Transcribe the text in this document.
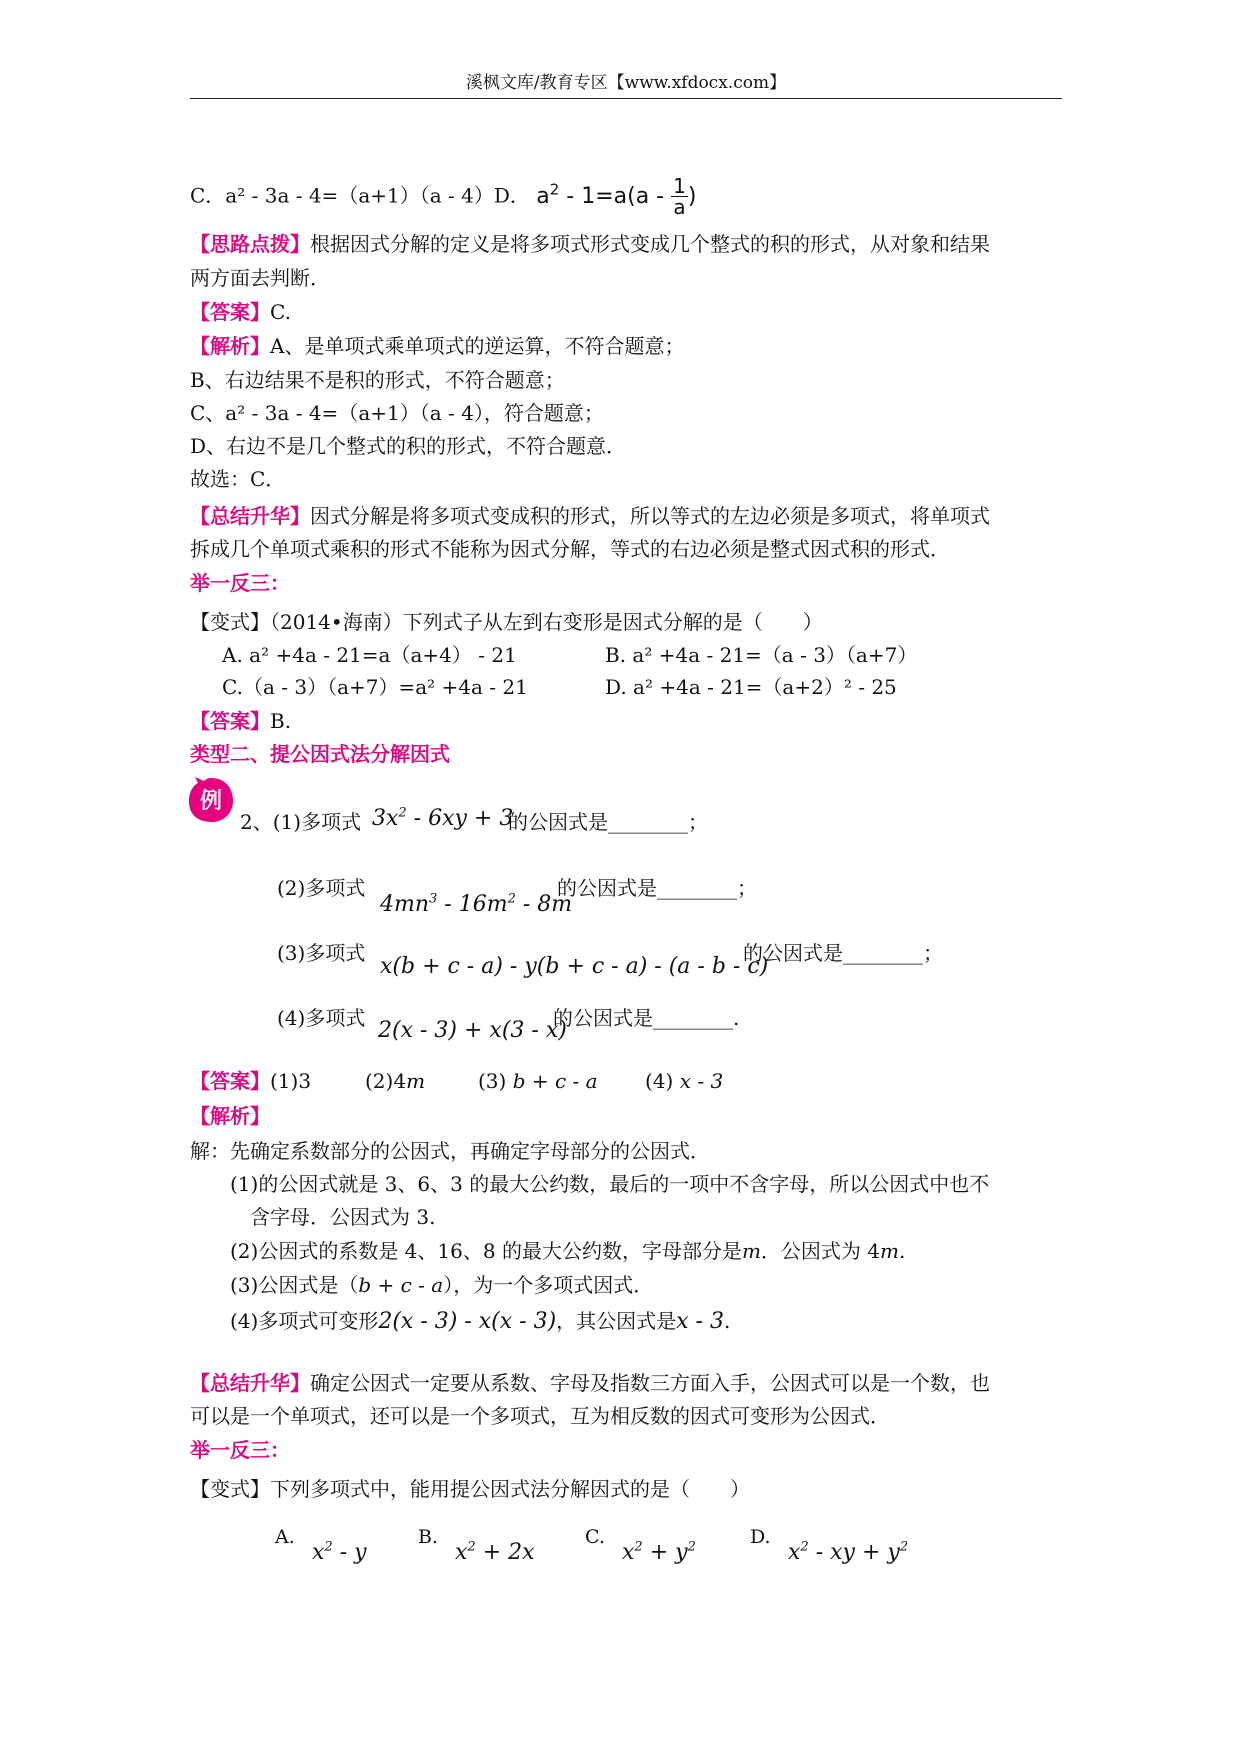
溪枫文库/教育专区【www.xfdocx.com】
C．a² - 3a - 4=（a+1）（a - 4）D． $a^2 - 1=a(a - \frac{1}{a}$ )
【思路点拨】根据因式分解的定义是将多项式形式变成几个整式的积的形式，从对象和结果
两方面去判断．
【答案】C.
【解析】A、是单项式乘单项式的逆运算，不符合题意；
B、右边结果不是积的形式，不符合题意；
C、a² - 3a - 4=（a+1）（a - 4），符合题意；
D、右边不是几个整式的积的形式，不符合题意．
故选：C．
【总结升华】因式分解是将多项式变成积的形式，所以等式的左边必须是多项式，将单项式
拆成几个单项式乘积的形式不能称为因式分解，等式的右边必须是整式因式积的形式．
举一反三：
【变式】（2014•海南）下列式子从左到右变形是因式分解的是（　　）
A. a² +4a - 21=a（a+4） - 21	B. a² +4a - 21=（a - 3）（a+7）
C.（a - 3）（a+7）=a² +4a - 21	D. a² +4a - 21=（a+2）² - 25
【答案】B.
类型二、提公因式法分解因式
例
2、(1)多项式 $3x^2 - 6xy + 3$
的公因式是________；
(2)多项式
$4mn^3 - 16m^2 - 8m$
的公因式是________；
(3)多项式
x(b + c - a) - y(b + c - a) - (a - b - c)
的公因式是________；
(4)多项式 2(x - 3) + x(3 - x)
的公因式是________.
【答案】(1)3	(2)4m	(3) b + c - a (4) x - 3
【解析】
解：先确定系数部分的公因式，再确定字母部分的公因式．
(1)的公因式就是 3、6、3 的最大公约数，最后的一项中不含字母，所以公因式中也不
含字母．公因式为 3.
(2)公因式的系数是 4、16、8 的最大公约数，字母部分是m．公因式为 4m.
(3)公因式是（b + c - a），为一个多项式因式．
(4)多项式可变形2(x - 3) - x(x - 3)，其公因式是x - 3.
【总结升华】确定公因式一定要从系数、字母及指数三方面入手，公因式可以是一个数，也
可以是一个单项式，还可以是一个多项式，互为相反数的因式可变形为公因式．
举一反三：
【变式】下列多项式中，能用提公因式法分解因式的是（　　）
A.
$x^2$ - y
B.
$x^2 + 2x$
C.
$x^2 + y^2$	D.
$x^2$ - xy + $y^2$
